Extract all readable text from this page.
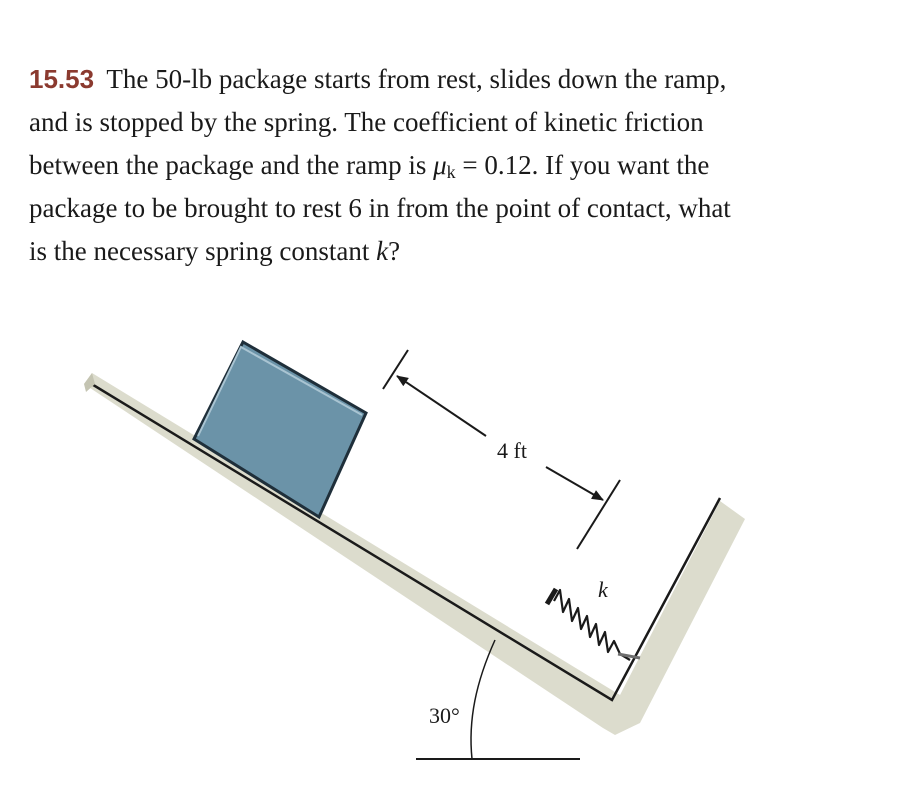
15.53 The 50-lb package starts from rest, slides down the ramp,
and is stopped by the spring. The coefficient of kinetic friction
between the package and the ramp is $\mu_k = 0.12$. If you want the
package to be brought to rest 6 in from the point of contact, what
is the necessary spring constant k?
4 ft
k
30°
